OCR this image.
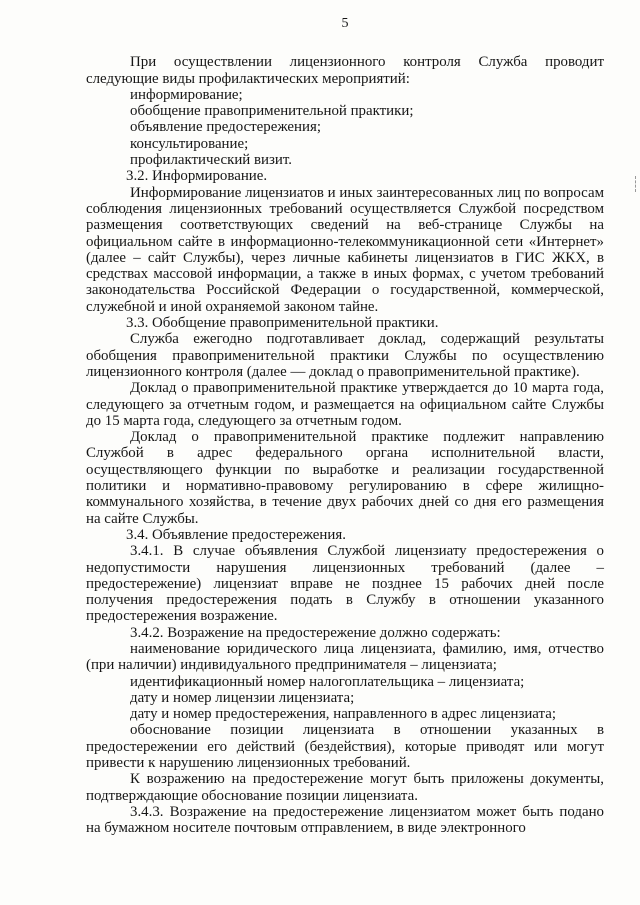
5

При осуществлении лицензионного контроля Служба проводит следующие виды профилактических мероприятий:

информирование;

обобщение правоприменительной практики;

объявление предостережения;

консультирование;

профилактический визит.

3.2. Информирование.

Информирование лицензиатов и иных заинтересованных лиц по вопросам соблюдения лицензионных требований осуществляется Службой посредством размещения соответствующих сведений на веб-странице Службы на официальном сайте в информационно-телекоммуникационной сети «Интернет» (далее – сайт Службы), через личные кабинеты лицензиатов в ГИС ЖКХ, в средствах массовой информации, а также в иных формах, с учетом требований законодательства Российской Федерации о государственной, коммерческой, служебной и иной охраняемой законом тайне.

3.3. Обобщение правоприменительной практики.

Служба ежегодно подготавливает доклад, содержащий результаты обобщения правоприменительной практики Службы по осуществлению лицензионного контроля (далее — доклад о правоприменительной практике).

Доклад о правоприменительной практике утверждается до 10 марта года, следующего за отчетным годом, и размещается на официальном сайте Службы до 15 марта года, следующего за отчетным годом.

Доклад о правоприменительной практике подлежит направлению Службой в адрес федерального органа исполнительной власти, осуществляющего функции по выработке и реализации государственной политики и нормативно-правовому регулированию в сфере жилищно-коммунального хозяйства, в течение двух рабочих дней со дня его размещения на сайте Службы.

3.4. Объявление предостережения.

3.4.1. В случае объявления Службой лицензиату предостережения о недопустимости нарушения лицензионных требований (далее – предостережение) лицензиат вправе не позднее 15 рабочих дней после получения предостережения подать в Службу в отношении указанного предостережения возражение.

3.4.2. Возражение на предостережение должно содержать:

наименование юридического лица лицензиата, фамилию, имя, отчество (при наличии) индивидуального предпринимателя – лицензиата;

идентификационный номер налогоплательщика – лицензиата;

дату и номер лицензии лицензиата;

дату и номер предостережения, направленного в адрес лицензиата;

обоснование позиции лицензиата в отношении указанных в предостережении его действий (бездействия), которые приводят или могут привести к нарушению лицензионных требований.

К возражению на предостережение могут быть приложены документы, подтверждающие обоснование позиции лицензиата.

3.4.3. Возражение на предостережение лицензиатом может быть подано на бумажном носителе почтовым отправлением, в виде электронного
